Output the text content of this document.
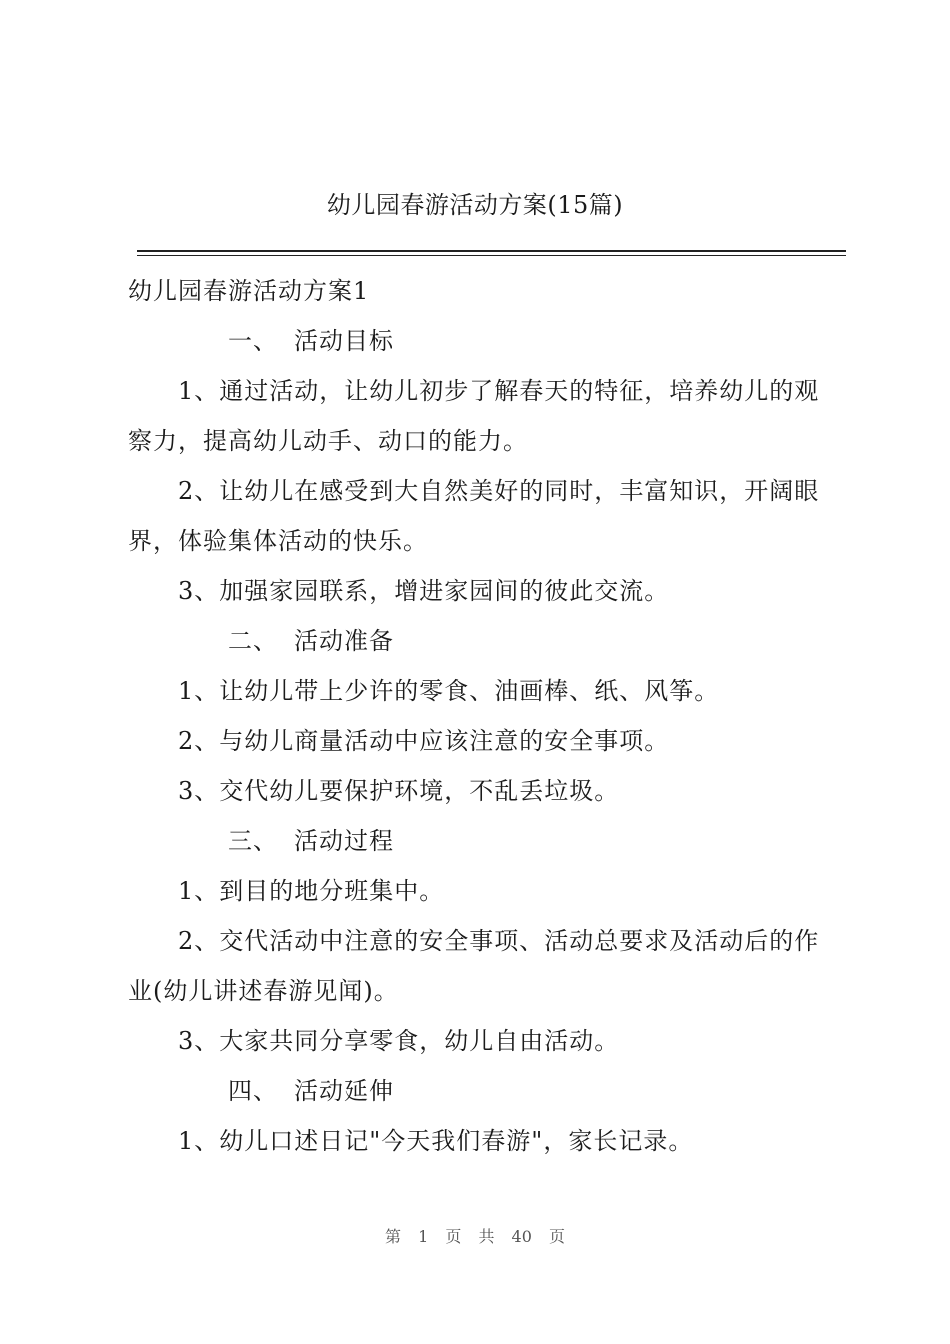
幼儿园春游活动方案(15篇)

幼儿园春游活动方案1

一、 活动目标

1、通过活动，让幼儿初步了解春天的特征，培养幼儿的观察力，提高幼儿动手、动口的能力。

2、让幼儿在感受到大自然美好的同时，丰富知识，开阔眼界，体验集体活动的快乐。

3、加强家园联系，增进家园间的彼此交流。

二、 活动准备

1、让幼儿带上少许的零食、油画棒、纸、风筝。

2、与幼儿商量活动中应该注意的安全事项。

3、交代幼儿要保护环境，不乱丢垃圾。

三、 活动过程

1、到目的地分班集中。

2、交代活动中注意的安全事项、活动总要求及活动后的作业(幼儿讲述春游见闻)。

3、大家共同分享零食，幼儿自由活动。

四、 活动延伸

1、幼儿口述日记"今天我们春游"，家长记录。

第 1 页 共 40 页
